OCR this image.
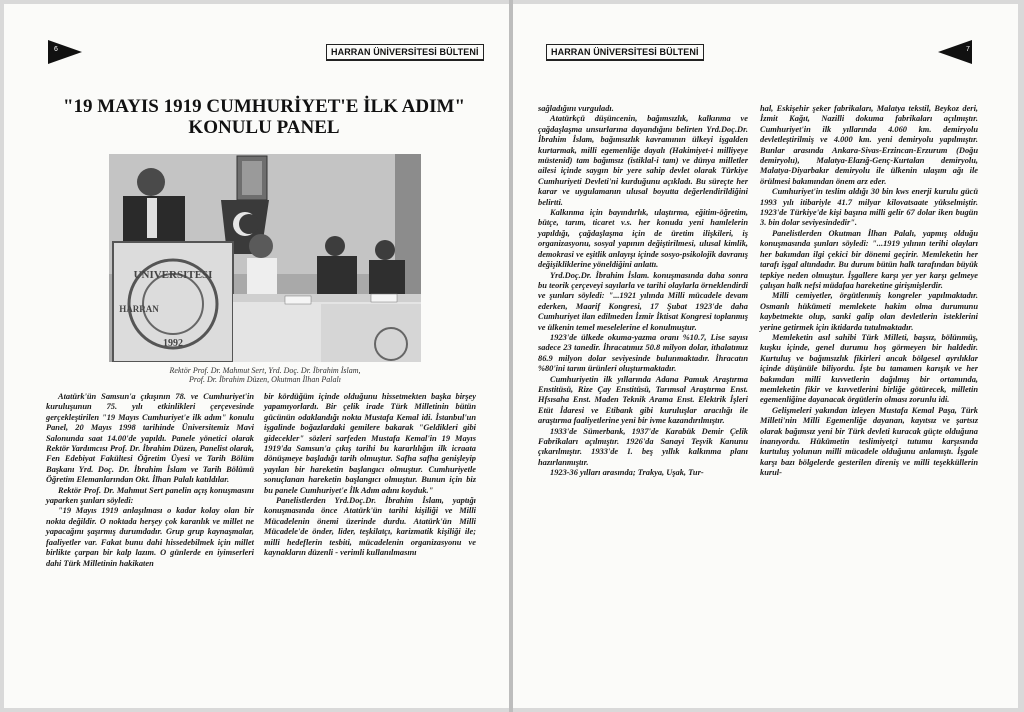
6	HARRAN ÜNİVERSİTESİ BÜLTENİ
"19 MAYIS 1919 CUMHURİYET'E İLK ADIM"
KONULU PANEL
UNIVERSITESI
HARRAN
1992
Rektör Prof. Dr. Mahmut Sert, Yrd. Doç. Dr. İbrahim İslam,
Prof. Dr. İbrahim Düzen, Okutman İlhan Palalı

Atatürk'ün Samsun'a çıkışının 78. ve Cumhuriyet'in kuruluşunun 75. yılı etkinlikleri çerçevesinde gerçekleştirilen "19 Mayıs Cumhuriyet'e ilk adım" konulu Panel, 20 Mayıs 1998 tarihinde Üniversitemiz Mavi Salonunda saat 14.00'de yapıldı. Panele yönetici olarak Rektör Yardımcısı Prof. Dr. İbrahim Düzen, Panelist olarak, Fen Edebiyat Fakültesi Öğretim Üyesi ve Tarih Bölüm Başkanı Yrd. Doç. Dr. İbrahim İslam ve Tarih Bölümü Öğretim Elemanlarından Okt. İlhan Palalı katıldılar.

Rektör Prof. Dr. Mahmut Sert panelin açış konuşmasını yaparken şunları söyledi:

"19 Mayıs 1919 anlaşılması o kadar kolay olan bir nokta değildir. O noktada herşey çok karanlık ve millet ne yapacağını şaşırmış durumdadır. Grup grup kaynaşmalar, faaliyetler var. Fakat bunu dahi hissedebilmek için millet birlikte çarpan bir kalp lazım. O günlerde en iyimserleri dahi Türk Milletinin hakikaten

bir kördüğüm içinde olduğunu hissetmekten başka birşey yapamıyorlardı. Bir çelik irade Türk Milletinin bütün gücünün odaklandığı nokta Mustafa Kemal idi. İstanbul'un işgalinde boğazlardaki gemilere bakarak "Geldikleri gibi gidecekler" sözleri sarfeden Mustafa Kemal'in 19 Mayıs 1919'da Samsun'a çıkış tarihi bu kararlılığın ilk icraata dönüşmeye başladığı tarih olmuştur. Safha safha genişleyip yayılan bir hareketin başlangıcı olmuştur. Cumhuriyetle sonuçlanan hareketin başlangıcı olmuştur. Bunun için biz bu panele Cumhuriyet'e İlk Adım adını koyduk."

Panelistlerden Yrd.Doç.Dr. İbrahim İslam, yaptığı konuşmasında önce Atatürk'ün tarihi kişiliği ve Milli Mücadelenin önemi üzerinde durdu. Atatürk'ün Milli Mücadele'de önder, lider, teşkilatçı, karizmatik kişiliği ile; milli hedeflerin tesbiti, mücadelenin organizasyonu ve kaynakların düzenli - verimli kullanılmasını

HARRAN ÜNİVERSİTESİ BÜLTENİ	7

sağladığını vurguladı.

Atatürkçü düşüncenin, bağımsızlık, kalkınma ve çağdaşlaşma unsurlarına dayandığını belirten Yrd.Doç.Dr. İbrahim İslam, bağımsızlık kavramının ülkeyi işgalden kurtarmak, milli egemenliğe dayalı (Hakimiyet-i milliyeye müstenid) tam bağımsız (istiklal-i tam) ve dünya milletler ailesi içinde saygın bir yere sahip devlet olarak Türkiye Cumhuriyeti Devleti'ni kurduğunu açıkladı. Bu süreçte her karar ve uygulamanın ulusal boyutta değerlendirildiğini belirtti.

Kalkınma için bayındırlık, ulaştırma, eğitim-öğretim, bütçe, tarım, ticaret v.s. her konuda yeni hamlelerin yapıldığı, çağdaşlaşma için de üretim ilişkileri, iş organizasyonu, sosyal yapının değiştirilmesi, ulusal kimlik, demokrasi ve eşitlik anlayışı içinde sosyo-psikolojik davranış değişikliklerine yöneldiğini anlattı.

Yrd.Doç.Dr. İbrahim İslam. konuşmasında daha sonra bu teorik çerçeveyi sayılarla ve tarihi olaylarla örneklendirdi ve şunları söyledi: "...1921 yılında Milli mücadele devam ederken, Maarif Kongresi, 17 Şubat 1923'de daha Cumhuriyet ilan edilmeden İzmir İktisat Kongresi toplanmış ve ülkenin temel meselelerine el konulmuştur.

1923'de ülkede okuma-yazma oranı %10.7, Lise sayısı sadece 23 tanedir. İhracatımız 50.8 milyon dolar, ithalatımız 86.9 milyon dolar seviyesinde bulunmaktadır. İhracatın %80'ini tarım ürünleri oluşturmaktadır.

Cumhuriyetin ilk yıllarında Adana Pamuk Araştırma Enstitüsü, Rize Çay Enstitüsü, Tarımsal Araştırma Enst. Hfsısaha Enst. Maden Teknik Arama Enst. Elektrik İşleri Etüt İdaresi ve Etibank gibi kuruluşlar aracılığı ile araştırma faaliyetlerine yeni bir ivme kazandırılmıştır.

1933'de Sümerbank, 1937'de Karabük Demir Çelik Fabrikaları açılmıştır. 1926'da Sanayi Teşvik Kanunu çıkarılmıştır. 1933'de I. beş yıllık kalkınma planı hazırlanmıştır.

1923-36 yılları arasında; Trakya, Uşak, Tur-

hal, Eskişehir şeker fabrikaları, Malatya tekstil, Beykoz deri, İzmit Kağıt, Nazilli dokuma fabrikaları açılmıştır. Cumhuriyet'in ilk yıllarında 4.060 km. demiryolu devletleştirilmiş ve 4.000 km. yeni demiryolu yapılmıştır. Bunlar arasında Ankara-Sivas-Erzincan-Erzurum (Doğu demiryolu), Malatya-Elazığ-Genç-Kurtalan demiryolu, Malatya-Diyarbakır demiryolu ile ülkenin ulaşım ağı ile örülmesi bakımından önem arz eder.

Cumhuriyet'in teslim aldığı 30 bin kws enerji kurulu gücü 1993 yılı itibariyle 41.7 milyar kilovatsaate yükselmiştir. 1923'de Türkiye'de kişi başına milli gelir 67 dolar iken bugün 3. bin dolar seviyesindedir".

Panelistlerden Okutman İlhan Palalı, yapmış olduğu konuşmasında şunları söyledi: "...1919 yılının terihi olayları her bakımdan ilgi çekici bir dönemi geçirir. Memleketin her tarafı işgal altındadır. Bu durum bütün halk tarafından büyük tepkiye neden olmuştur. İşgallere karşı yer yer karşı gelmeye çalışan halk nefsi müdafaa hareketine girişmişlerdir.

Milli cemiyetler, örgütlenmiş kongreler yapılmaktadır. Osmanlı hükümeti memlekete hakim olma durumunu kaybetmekte olup, sanki galip olan devletlerin isteklerini yerine getirmek için iktidarda tutulmaktadır.

Memleketin asıl sahibi Türk Milleti, başsız, bölünmüş, kuşku içinde, genel durumu hoş görmeyen bir haldedir. Kurtuluş ve bağımsızlık fikirleri ancak bölgesel ayrılıklar içinde düşünüle biliyordu. İşte bu tamamen karışık ve her bakımdan milli kuvvetlerin dağılmış bir ortamında, memleketin fikir ve kuvvetlerini birliğe götürecek, milletin egemenliğine dayanacak örgütlerin olması zorunlu idi.

Gelişmeleri yakından izleyen Mustafa Kemal Paşa, Türk Milleti'nin Milli Egemenliğe dayanan, kayıtsız ve şartsız olarak bağımsız yeni bir Türk devleti kuracak güçte olduğuna inanıyordu. Hükümetin teslimiyetçi tutumu karşısında kurtuluş yolunun milli mücadele olduğunu anlamıştı. İşgale karşı bazı bölgelerde gesterilen direniş ve milli teşekküllerin kurul-
